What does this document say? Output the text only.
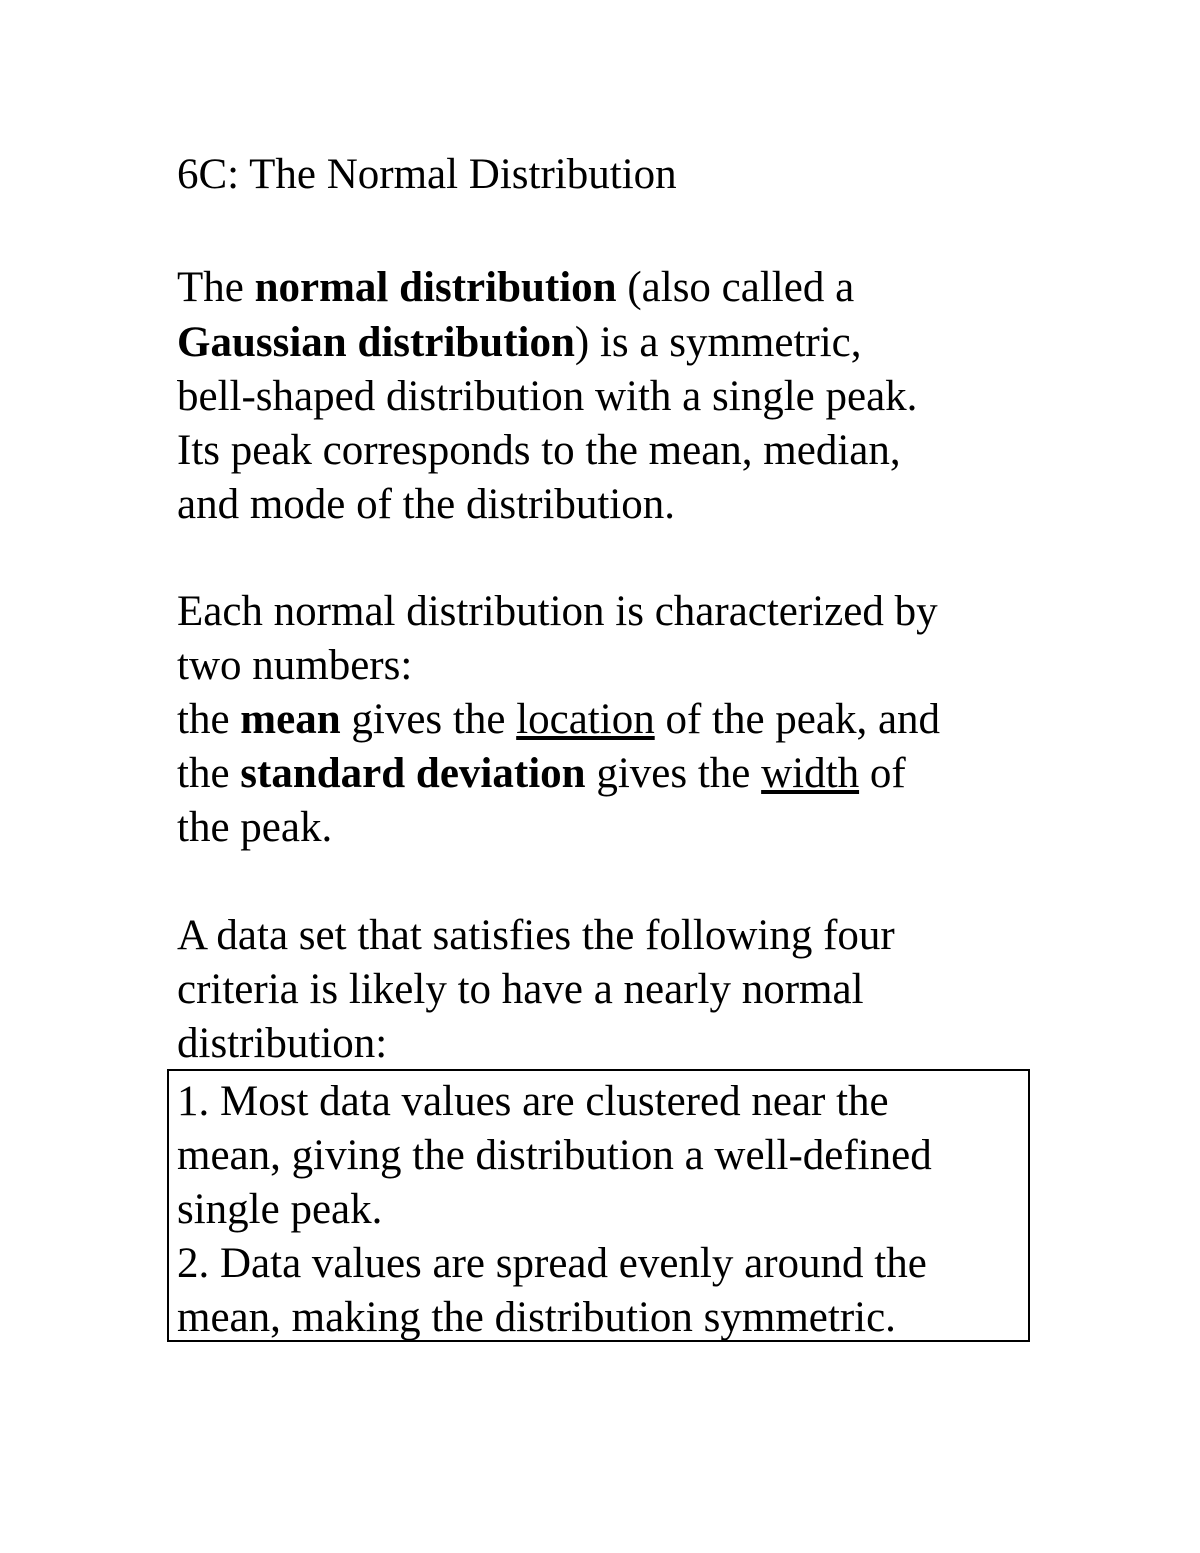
6C: The Normal Distribution
The normal distribution (also called a
Gaussian distribution) is a symmetric,
bell-shaped distribution with a single peak.
Its peak corresponds to the mean, median,
and mode of the distribution.
Each normal distribution is characterized by
two numbers:
the mean gives the location of the peak, and
the standard deviation gives the width of
the peak.
A data set that satisfies the following four
criteria is likely to have a nearly normal
distribution:
1. Most data values are clustered near the
mean, giving the distribution a well-defined
single peak.
2. Data values are spread evenly around the
mean, making the distribution symmetric.
